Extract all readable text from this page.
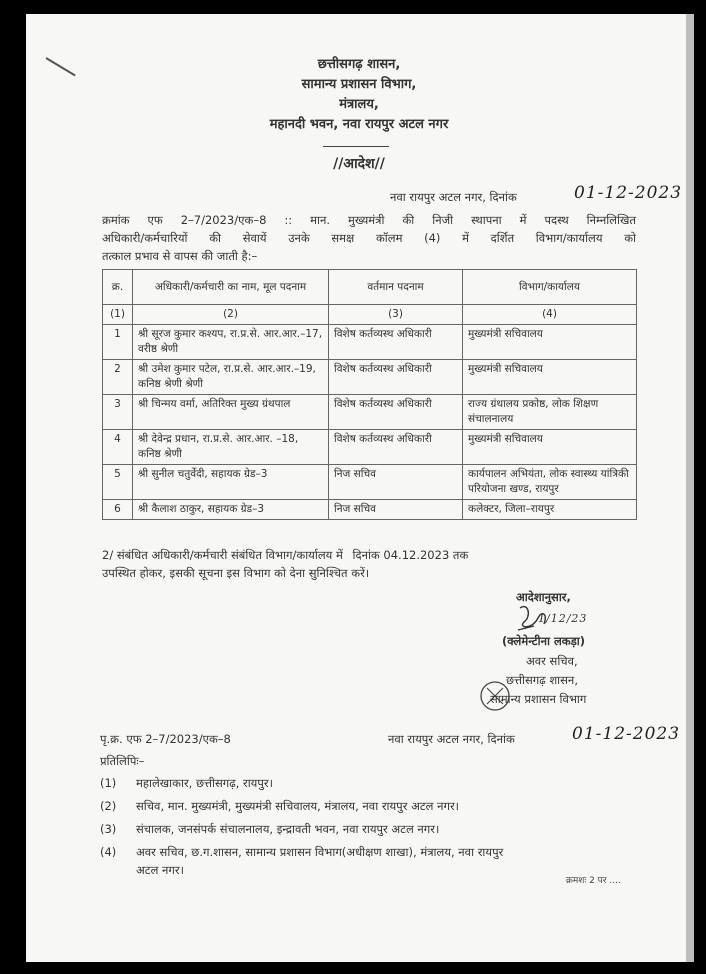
छत्तीसगढ़ शासन,
सामान्य प्रशासन विभाग,
मंत्रालय,
महानदी भवन, नवा रायपुर अटल नगर
//आदेश//
नवा रायपुर अटल नगर, दिनांक	01-12-2023
क्रमांक एफ 2–7/2023/एक–8 :: मान. मुख्यमंत्री की निजी स्थापना में पदस्थ निम्नलिखित
अधिकारी/कर्मचारियों की सेवायें उनके समक्ष कॉलम (4) में दर्शित विभाग/कार्यालय को
तत्काल प्रभाव से वापस की जाती है:–
क्र.	अधिकारी/कर्मचारी का नाम, मूल पदनाम	वर्तमान पदनाम	विभाग/कार्यालय
(1)	(2)	(3)	(4)
1	श्री सूरज कुमार कश्यप, रा.प्र.से. आर.आर.–17, वरीष्ठ श्रेणी	विशेष कर्तव्यस्थ अधिकारी	मुख्यमंत्री सचिवालय
2	श्री उमेश कुमार पटेल, रा.प्र.से. आर.आर.–19, कनिष्ठ श्रेणी श्रेणी	विशेष कर्तव्यस्थ अधिकारी	मुख्यमंत्री सचिवालय
3	श्री चिन्मय वर्मा, अतिरिक्त मुख्य ग्रंथपाल	विशेष कर्तव्यस्थ अधिकारी	राज्य ग्रंथालय प्रकोष्ठ, लोक शिक्षण संचालनालय
4	श्री देवेन्द्र प्रधान, रा.प्र.से. आर.आर. –18, कनिष्ठ श्रेणी	विशेष कर्तव्यस्थ अधिकारी	मुख्यमंत्री सचिवालय
5	श्री सुनील चतुर्वेदी, सहायक ग्रेड–3	निज सचिव	कार्यपालन अभियंता, लोक स्वास्थ्य यांत्रिकी परियोजना खण्ड, रायपुर
6	श्री कैलाश ठाकुर, सहायक ग्रेड–3	निज सचिव	कलेक्टर, जिला–रायपुर
2/ संबंधित अधिकारी/कर्मचारी संबंधित विभाग/कार्यालय में दिनांक 04.12.2023 तक
उपस्थित होकर, इसकी सूचना इस विभाग को देना सुनिश्चित करें।
आदेशानुसार,
1/12/23
(क्लेमेन्टीना लकड़ा)
अवर सचिव,
छत्तीसगढ़ शासन,
सामान्य प्रशासन विभाग
पृ.क्र. एफ 2–7/2023/एक–8	नवा रायपुर अटल नगर, दिनांक	01-12-2023
प्रतिलिपिः–
(1) महालेखाकार, छत्तीसगढ़, रायपुर।
(2) सचिव, मान. मुख्यमंत्री, मुख्यमंत्री सचिवालय, मंत्रालय, नवा रायपुर अटल नगर।
(3) संचालक, जनसंपर्क संचालनालय, इन्द्रावती भवन, नवा रायपुर अटल नगर।
(4) अवर सचिव, छ.ग.शासन, सामान्य प्रशासन विभाग(अधीक्षण शाखा), मंत्रालय, नवा रायपुर
अटल नगर।
क्रमशः 2 पर ....
